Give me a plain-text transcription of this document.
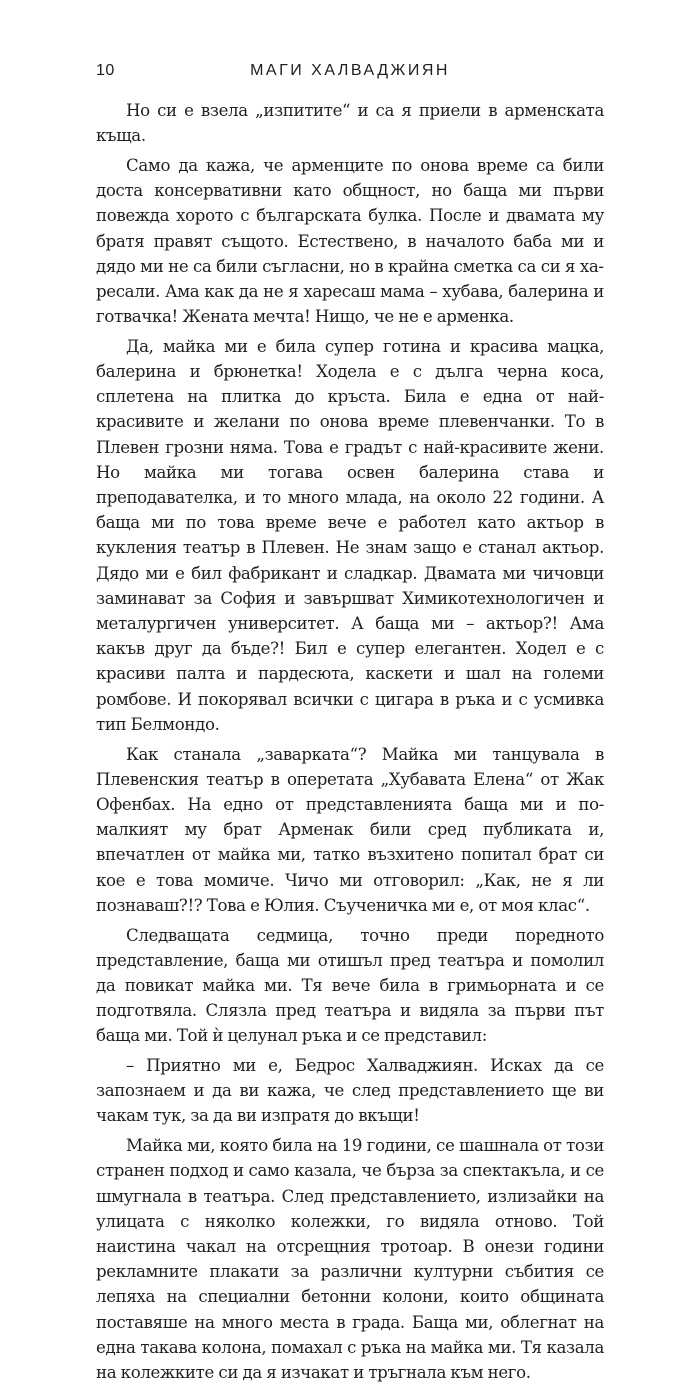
10	МАГИ ХАЛВАДЖИЯН

Но си е взела „изпитите“ и са я приели в арменската къща.

Само да кажа, че арменците по онова време са били доста консервативни като общност, но баща ми първи повежда хорото с българската булка. После и двамата му братя правят същото. Естествено, в началото баба ми и дядо ми не са били съгласни, но в крайна сметка са си я харесали. Ама как да не я харесаш мама – хубава, балерина и готвачка! Жената мечта! Нищо, че не е арменка.

Да, майка ми е била супер готина и красива мацка, балерина и брюнетка! Ходела е с дълга черна коса, сплетена на плитка до кръста. Била е една от най-красивите и желани по онова време плевенчанки. То в Плевен грозни няма. Това е градът с най-красивите жени. Но майка ми тогава освен балерина става и преподавателка, и то много млада, на около 22 години. А баща ми по това време вече е работел като актьор в кукления театър в Плевен. Не знам защо е станал актьор. Дядо ми е бил фабрикант и сладкар. Двамата ми чичовци заминават за София и завършват Химикотехнологичен и металургичен университет. А баща ми – актьор?! Ама какъв друг да бъде?! Бил е супер елегантен. Ходел е с красиви палта и пардесюта, каскети и шал на големи ромбове. И покорявал всички с цигара в ръка и с усмивка тип Белмондо.

Как станала „заварката“? Майка ми танцувала в Плевенския театър в оперетата „Хубавата Елена“ от Жак Офенбах. На едно от представленията баща ми и по-малкият му брат Арменак били сред публиката и, впечатлен от майка ми, татко възхитено попитал брат си кое е това момиче. Чичо ми отговорил: „Как, не я ли познаваш?!? Това е Юлия. Съученичка ми е, от моя клас“.

Следващата седмица, точно преди поредното представление, баща ми отишъл пред театъра и помолил да повикат майка ми. Тя вече била в гримьорната и се подготвяла. Слязла пред театъра и видяла за първи път баща ми. Той ѝ целунал ръка и се представил:

– Приятно ми е, Бедрос Халваджиян. Исках да се запознаем и да ви кажа, че след представлението ще ви чакам тук, за да ви изпратя до вкъщи!

Майка ми, която била на 19 години, се шашнала от този странен подход и само казала, че бърза за спектакъла, и се шмугнала в театъра. След представлението, излизайки на улицата с няколко колежки, го видяла отново. Той наистина чакал на отсрещния тротоар. В онези години рекламните плакати за различни културни събития се лепяха на специални бетонни колони, които общината поставяше на много места в града. Баща ми, облегнат на една такава колона, помахал с ръка на майка ми. Тя казала на колежките си да я изчакат и тръгнала към него.
